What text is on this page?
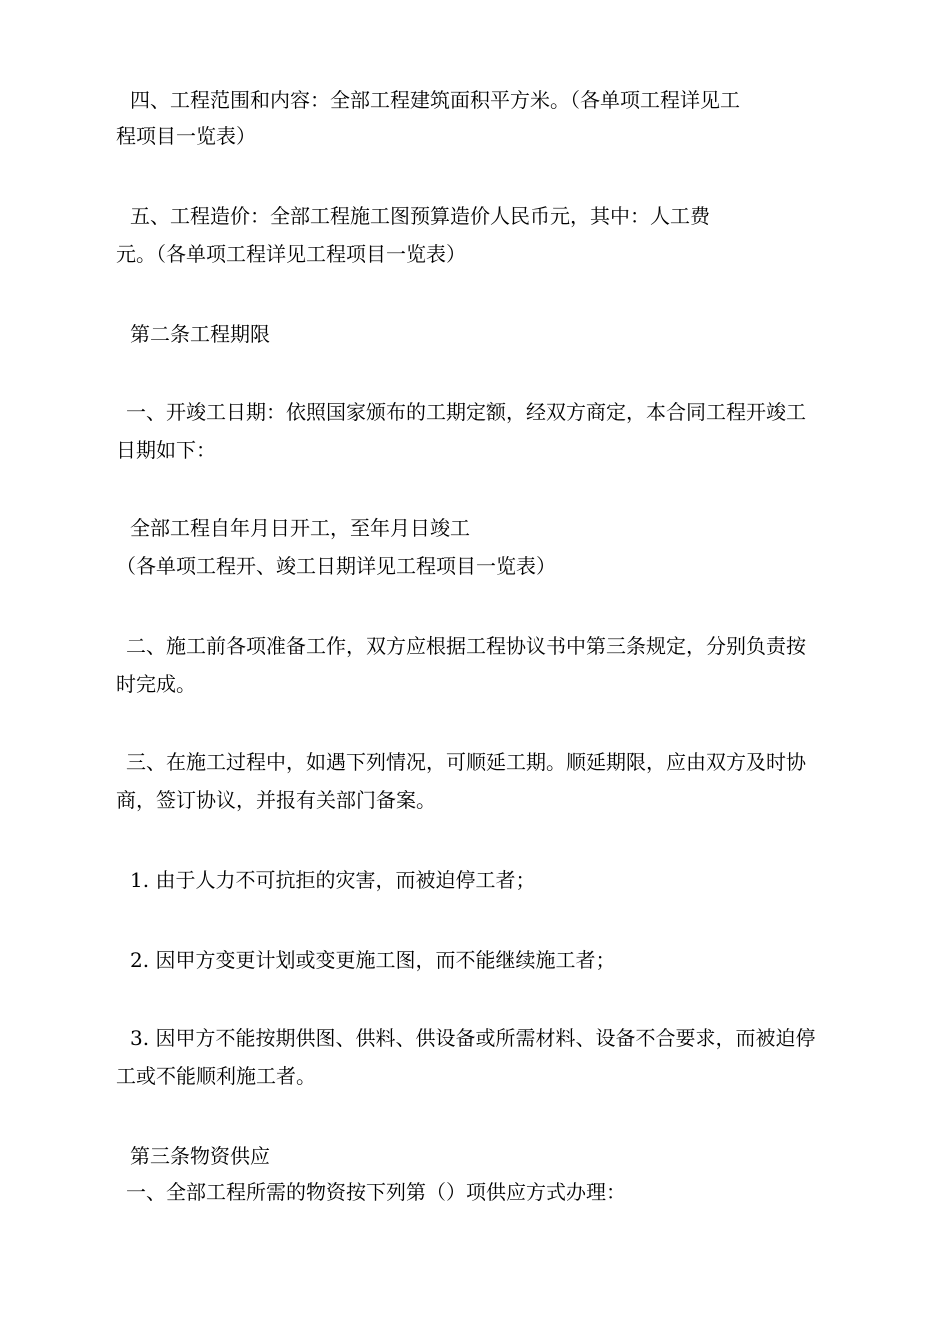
四、工程范围和内容：全部工程建筑面积平方米。（各单项工程详见工

程项目一览表）

五、工程造价：全部工程施工图预算造价人民币元，其中：人工费

元。（各单项工程详见工程项目一览表）

第二条工程期限

一、开竣工日期：依照国家颁布的工期定额，经双方商定，本合同工程开竣工

日期如下：

全部工程自年月日开工，至年月日竣工

（各单项工程开、竣工日期详见工程项目一览表）

二、施工前各项准备工作，双方应根据工程协议书中第三条规定，分别负责按

时完成。

三、在施工过程中，如遇下列情况，可顺延工期。顺延期限，应由双方及时协

商，签订协议，并报有关部门备案。

1. 由于人力不可抗拒的灾害，而被迫停工者；

2. 因甲方变更计划或变更施工图，而不能继续施工者；

3. 因甲方不能按期供图、供料、供设备或所需材料、设备不合要求，而被迫停

工或不能顺利施工者。

第三条物资供应

一、全部工程所需的物资按下列第（）项供应方式办理：
